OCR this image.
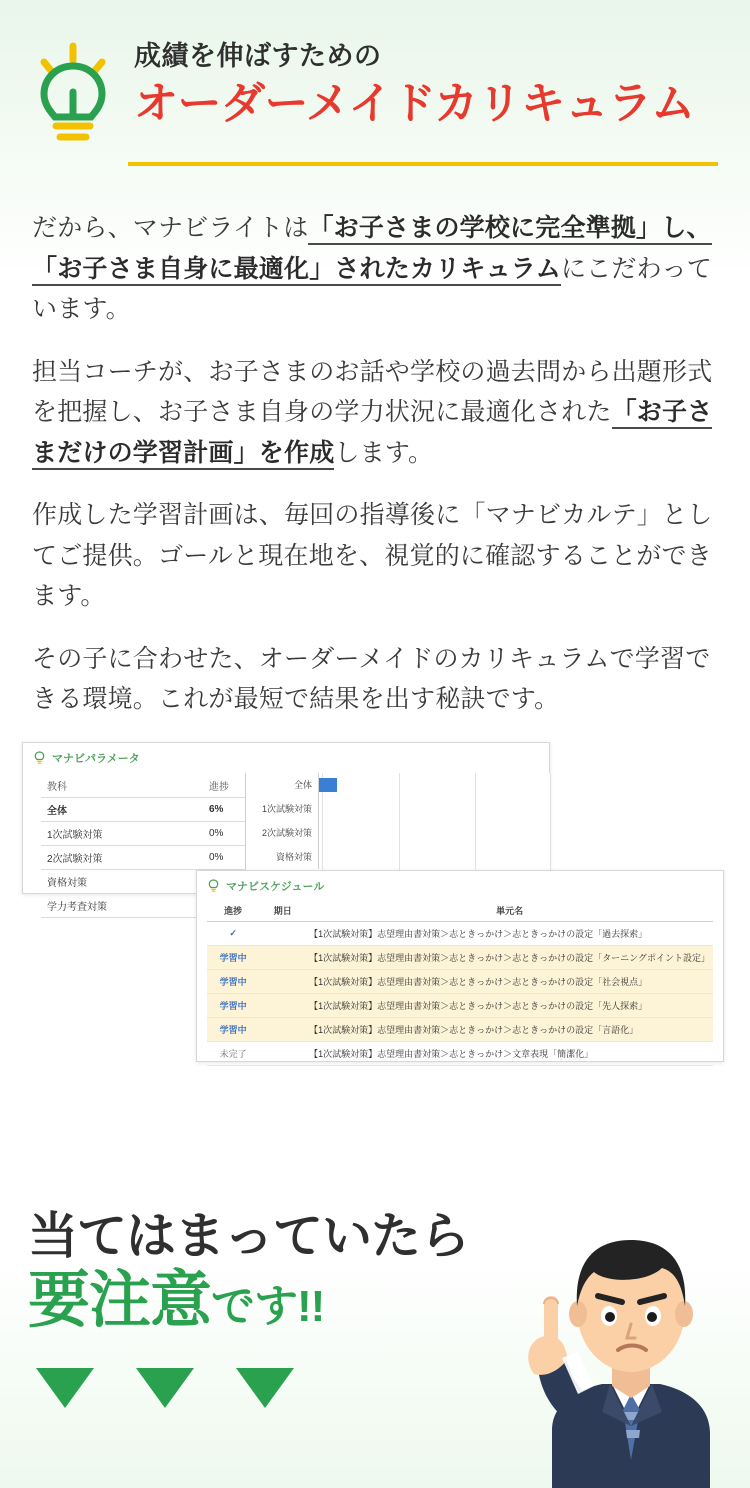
成績を伸ばすための
オーダーメイドカリキュラム

だから、マナビライトは「お子さまの学校に完全準拠」し、「お子さま自身に最適化」されたカリキュラムにこだわっています。

担当コーチが、お子さまのお話や学校の過去問から出題形式を把握し、お子さま自身の学力状況に最適化された「お子さまだけの学習計画」を作成します。

作成した学習計画は、毎回の指導後に「マナビカルテ」としてご提供。ゴールと現在地を、視覚的に確認することができます。

その子に合わせた、オーダーメイドのカリキュラムで学習できる環境。これが最短で結果を出す秘訣です。

マナビパラメータ
教科	進捗
全体	6%
1次試験対策	0%
2次試験対策	0%
資格対策	
学力考査対策	
全体
1次試験対策
2次試験対策
資格対策
マナビスケジュール
進捗	期日	単元名
✓		【1次試験対策】志望理由書対策＞志ときっかけ＞志ときっかけの設定「過去探索」
学習中		【1次試験対策】志望理由書対策＞志ときっかけ＞志ときっかけの設定「ターニングポイント設定」
学習中		【1次試験対策】志望理由書対策＞志ときっかけ＞志ときっかけの設定「社会視点」
学習中		【1次試験対策】志望理由書対策＞志ときっかけ＞志ときっかけの設定「先人探索」
学習中		【1次試験対策】志望理由書対策＞志ときっかけ＞志ときっかけの設定「言語化」
未完了		【1次試験対策】志望理由書対策＞志ときっかけ＞文章表現「簡潔化」
当てはまっていたら
要注意です!!
